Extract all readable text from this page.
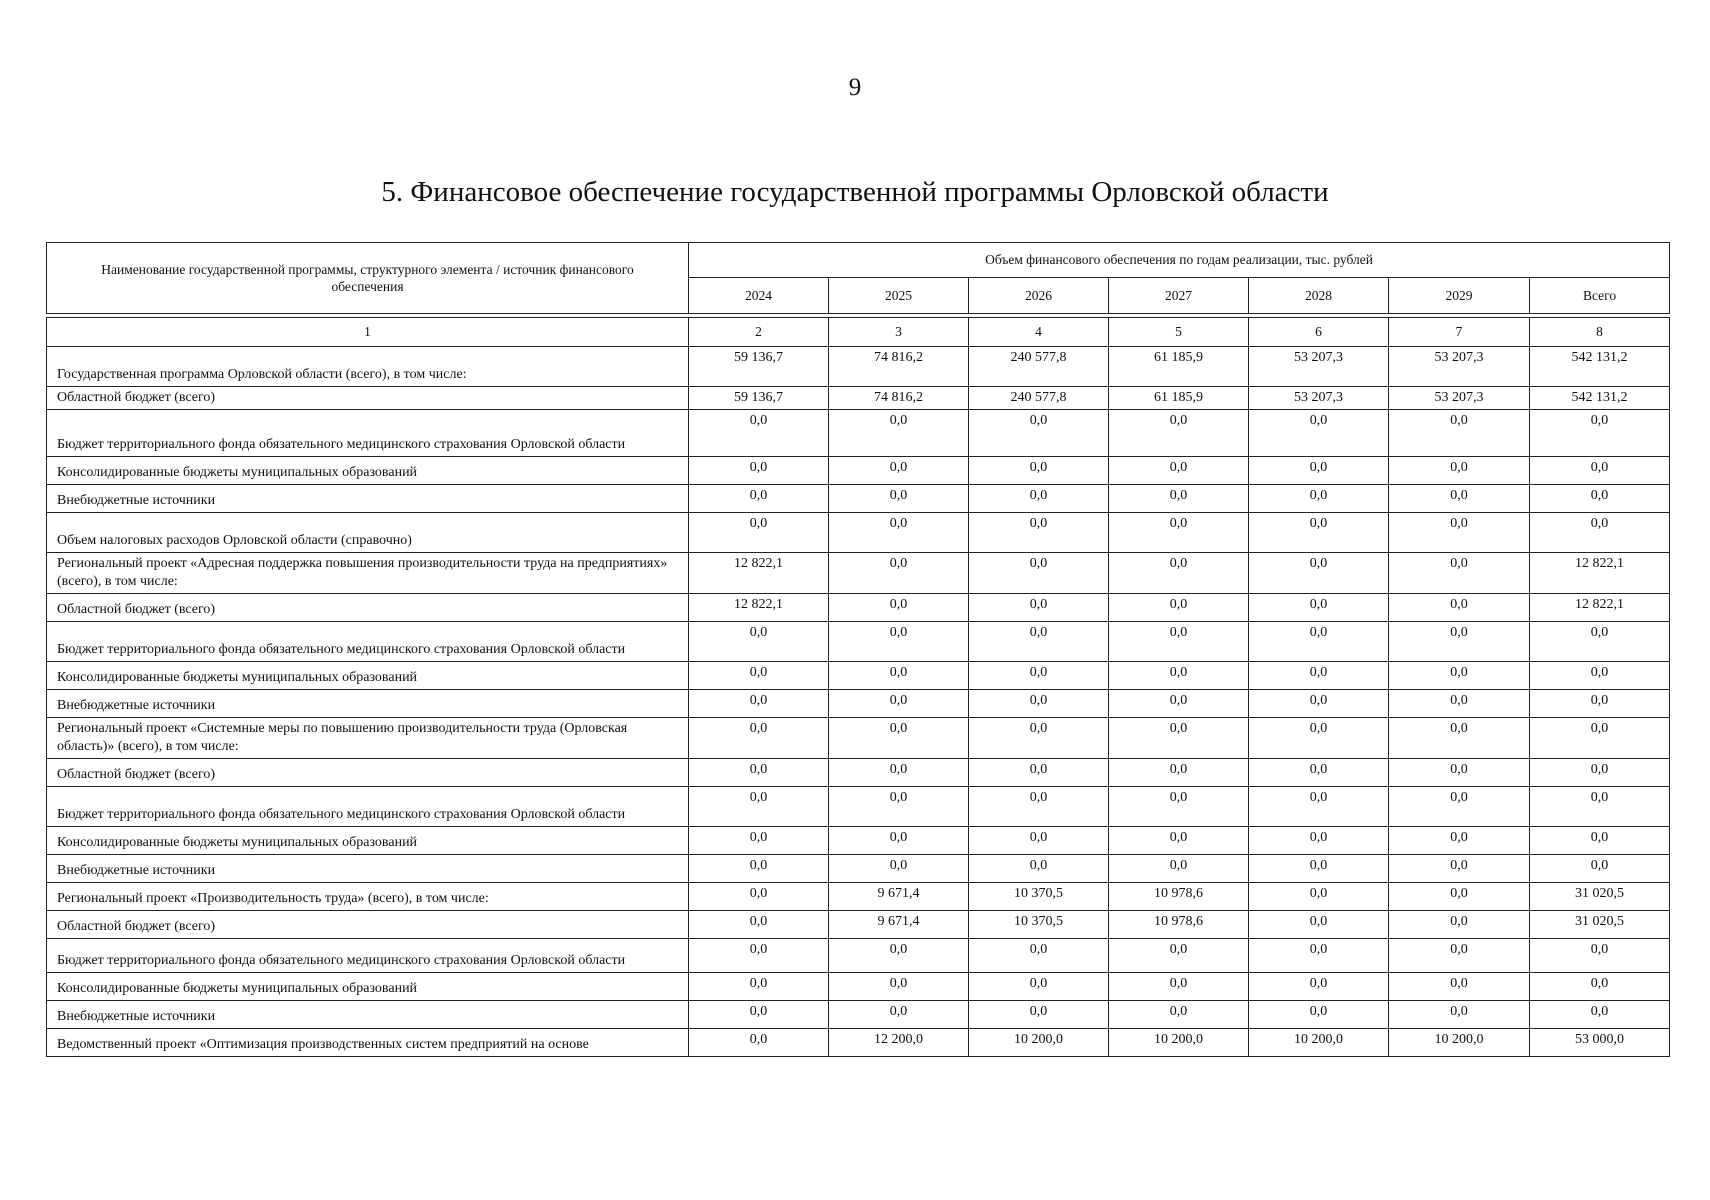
9
5. Финансовое обеспечение государственной программы Орловской области
Наименование государственной программы, структурного элемента / источник финансового обеспечения	Объем финансового обеспечения по годам реализации, тыс. рублей						
	2024	2025	2026	2027	2028	2029	Всего

1	2	3	4	5	6	7	8
Государственная программа Орловской области (всего), в том числе:	59 136,7	74 816,2	240 577,8	61 185,9	53 207,3	53 207,3	542 131,2
Областной бюджет (всего)	59 136,7	74 816,2	240 577,8	61 185,9	53 207,3	53 207,3	542 131,2
Бюджет территориального фонда обязательного медицинского страхования Орловской области	0,0	0,0	0,0	0,0	0,0	0,0	0,0
Консолидированные бюджеты муниципальных образований	0,0	0,0	0,0	0,0	0,0	0,0	0,0
Внебюджетные источники	0,0	0,0	0,0	0,0	0,0	0,0	0,0
Объем налоговых расходов Орловской области (справочно)	0,0	0,0	0,0	0,0	0,0	0,0	0,0
Региональный проект «Адресная поддержка повышения производительности труда на предприятиях» (всего), в том числе:	12 822,1	0,0	0,0	0,0	0,0	0,0	12 822,1
Областной бюджет (всего)	12 822,1	0,0	0,0	0,0	0,0	0,0	12 822,1
Бюджет территориального фонда обязательного медицинского страхования Орловской области	0,0	0,0	0,0	0,0	0,0	0,0	0,0
Консолидированные бюджеты муниципальных образований	0,0	0,0	0,0	0,0	0,0	0,0	0,0
Внебюджетные источники	0,0	0,0	0,0	0,0	0,0	0,0	0,0
Региональный проект «Системные меры по повышению производительности труда (Орловская область)» (всего), в том числе:	0,0	0,0	0,0	0,0	0,0	0,0	0,0
Областной бюджет (всего)	0,0	0,0	0,0	0,0	0,0	0,0	0,0
Бюджет территориального фонда обязательного медицинского страхования Орловской области	0,0	0,0	0,0	0,0	0,0	0,0	0,0
Консолидированные бюджеты муниципальных образований	0,0	0,0	0,0	0,0	0,0	0,0	0,0
Внебюджетные источники	0,0	0,0	0,0	0,0	0,0	0,0	0,0
Региональный проект «Производительность труда» (всего), в том числе:	0,0	9 671,4	10 370,5	10 978,6	0,0	0,0	31 020,5
Областной бюджет (всего)	0,0	9 671,4	10 370,5	10 978,6	0,0	0,0	31 020,5
Бюджет территориального фонда обязательного медицинского страхования Орловской области	0,0	0,0	0,0	0,0	0,0	0,0	0,0
Консолидированные бюджеты муниципальных образований	0,0	0,0	0,0	0,0	0,0	0,0	0,0
Внебюджетные источники	0,0	0,0	0,0	0,0	0,0	0,0	0,0
Ведомственный проект «Оптимизация производственных систем предприятий на основе	0,0	12 200,0	10 200,0	10 200,0	10 200,0	10 200,0	53 000,0
